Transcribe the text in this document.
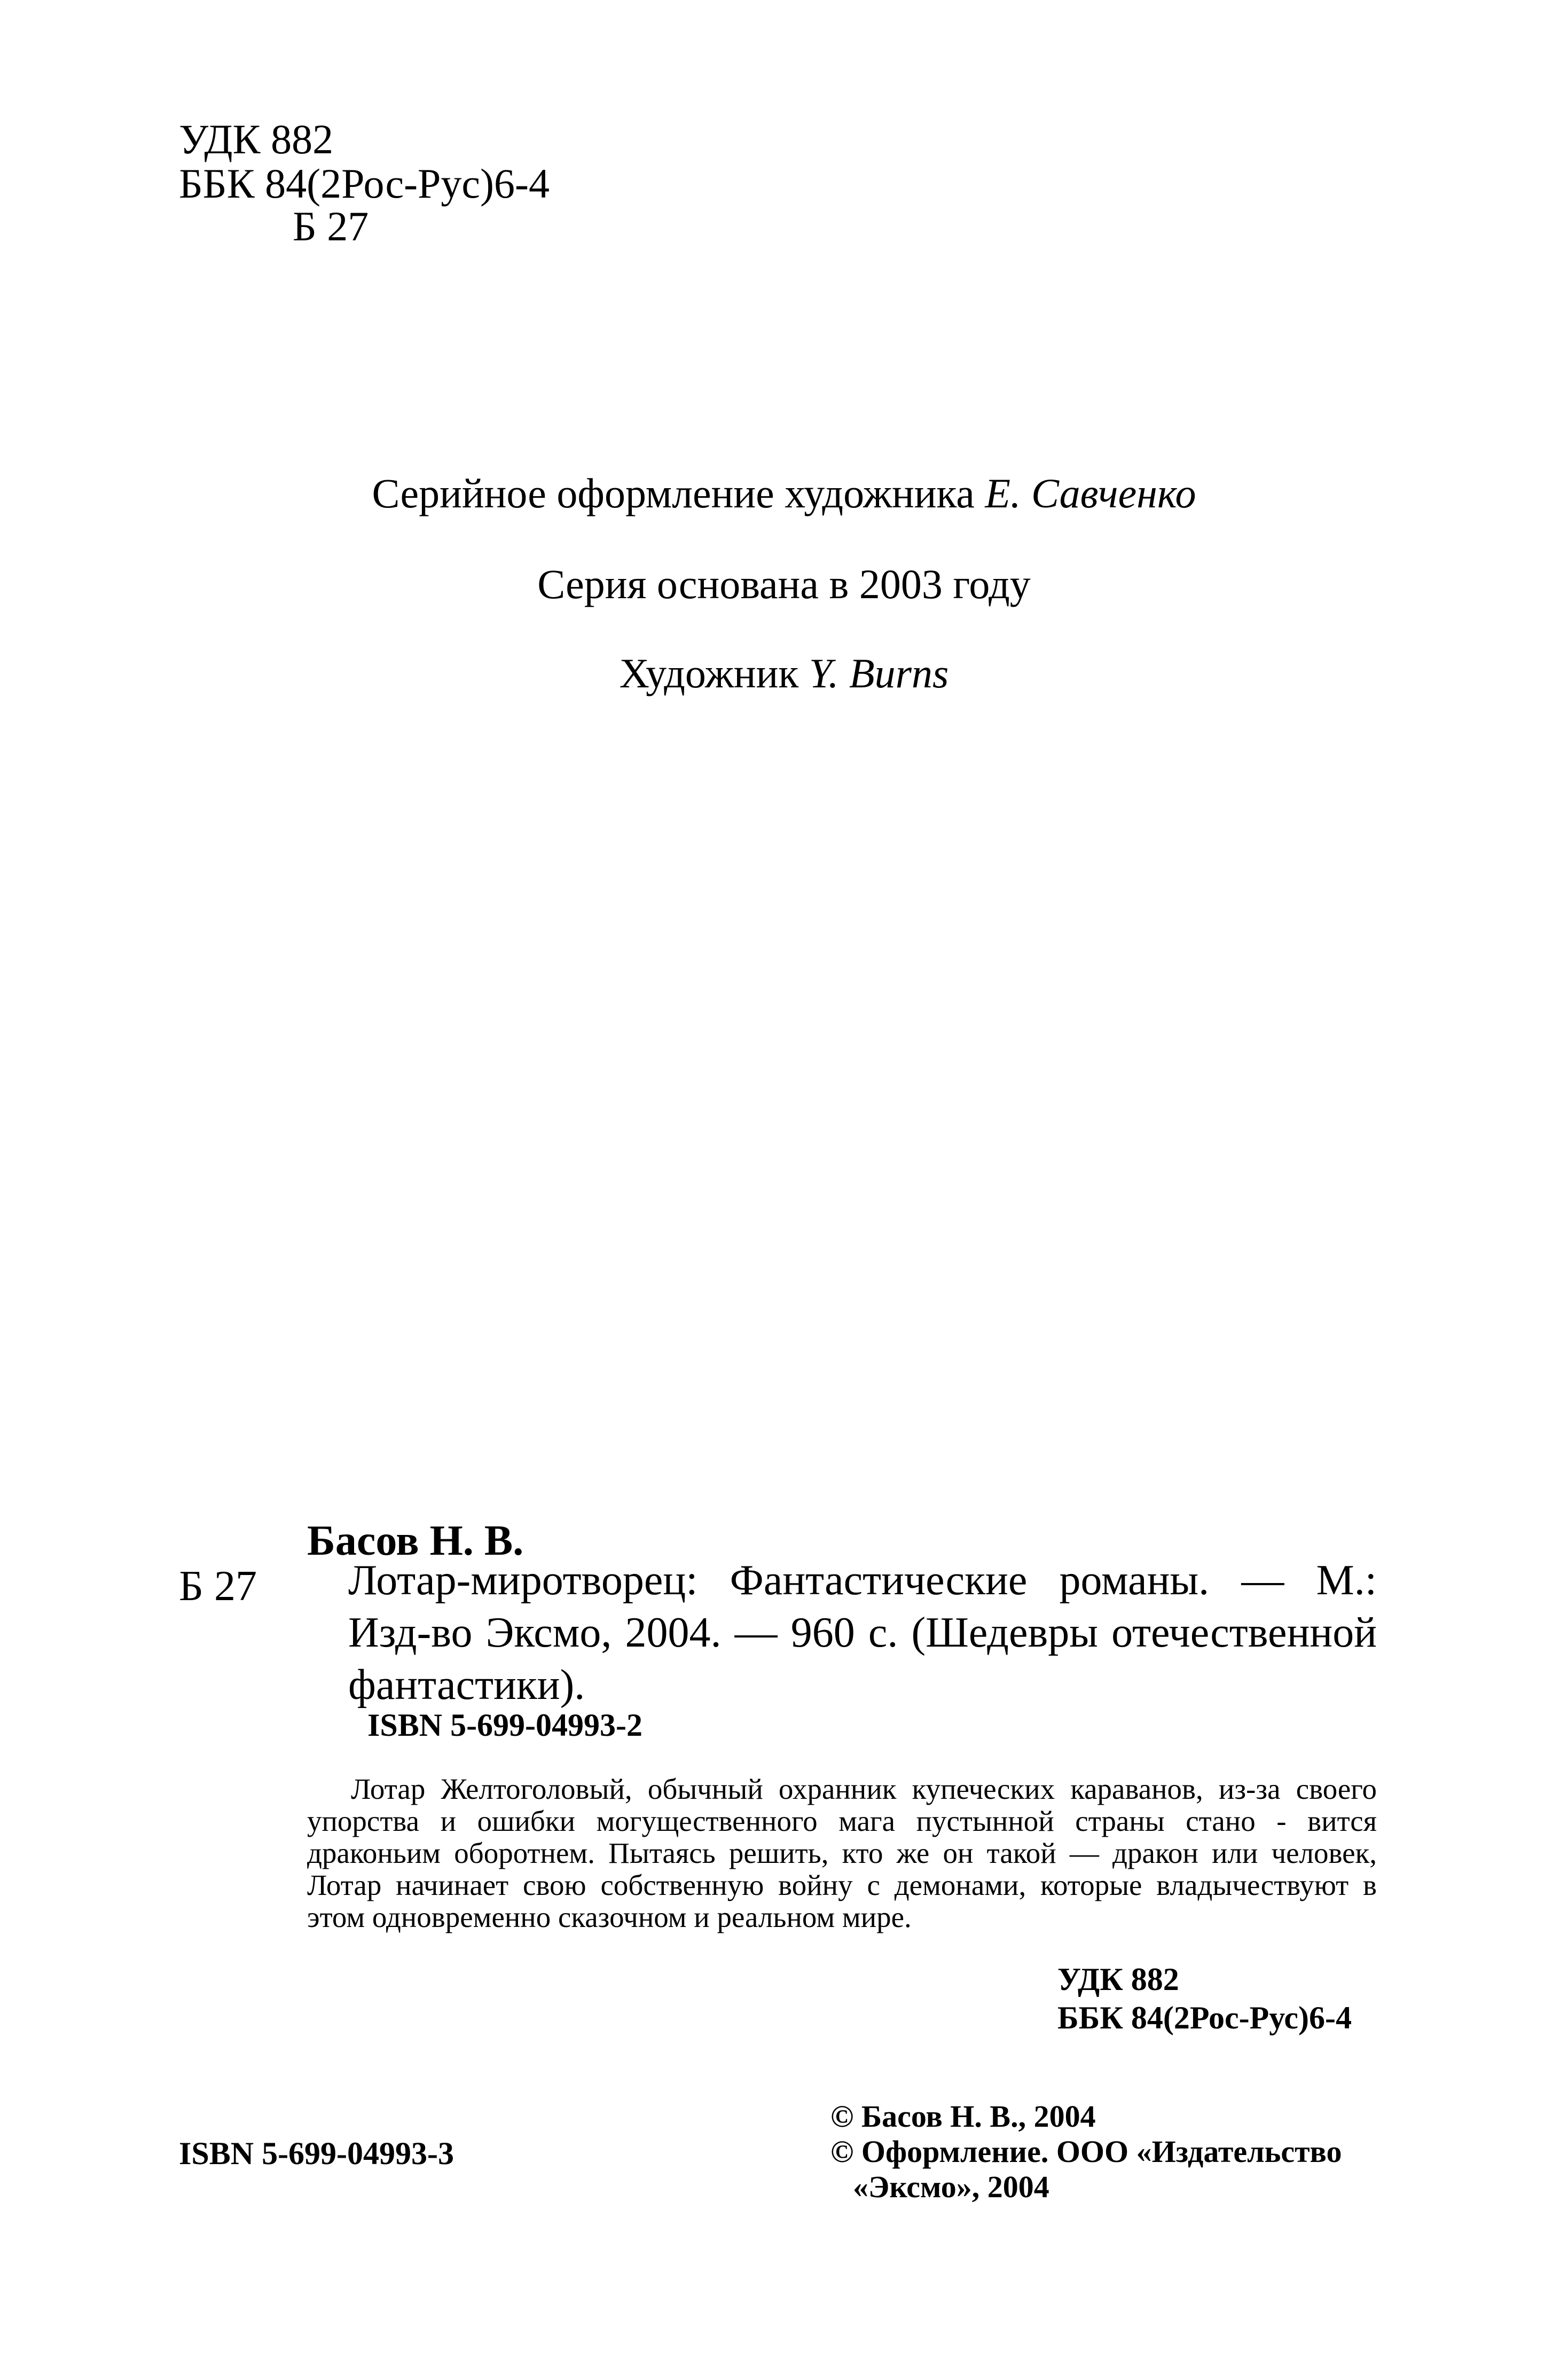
УДК 882
ББК 84(2Рос-Рус)6-4
Б 27
Серийное оформление художника Е. Савченко
Серия основана в 2003 году
Художник Y. Burns
Басов Н. В.
Б 27 Лотар-миротворец: Фантастические романы. — М.: Изд-во Эксмо, 2004. — 960 с. (Шедевры отечественной фантастики).
ISBN 5-699-04993-2
Лотар Желтоголовый, обычный охранник купеческих караванов, из-за своего упорства и ошибки могущественного мага пустынной страны стано - вится драконьим оборотнем. Пытаясь решить, кто же он такой — дракон или человек, Лотар начинает свою собственную войну с демонами, которые владычествуют в этом одновременно сказочном и реальном мире.
УДК 882
ББК 84(2Рос-Рус)6-4
© Басов Н. В., 2004
© Оформление. ООО «Издательство
«Эксмо», 2004
ISBN 5-699-04993-3
